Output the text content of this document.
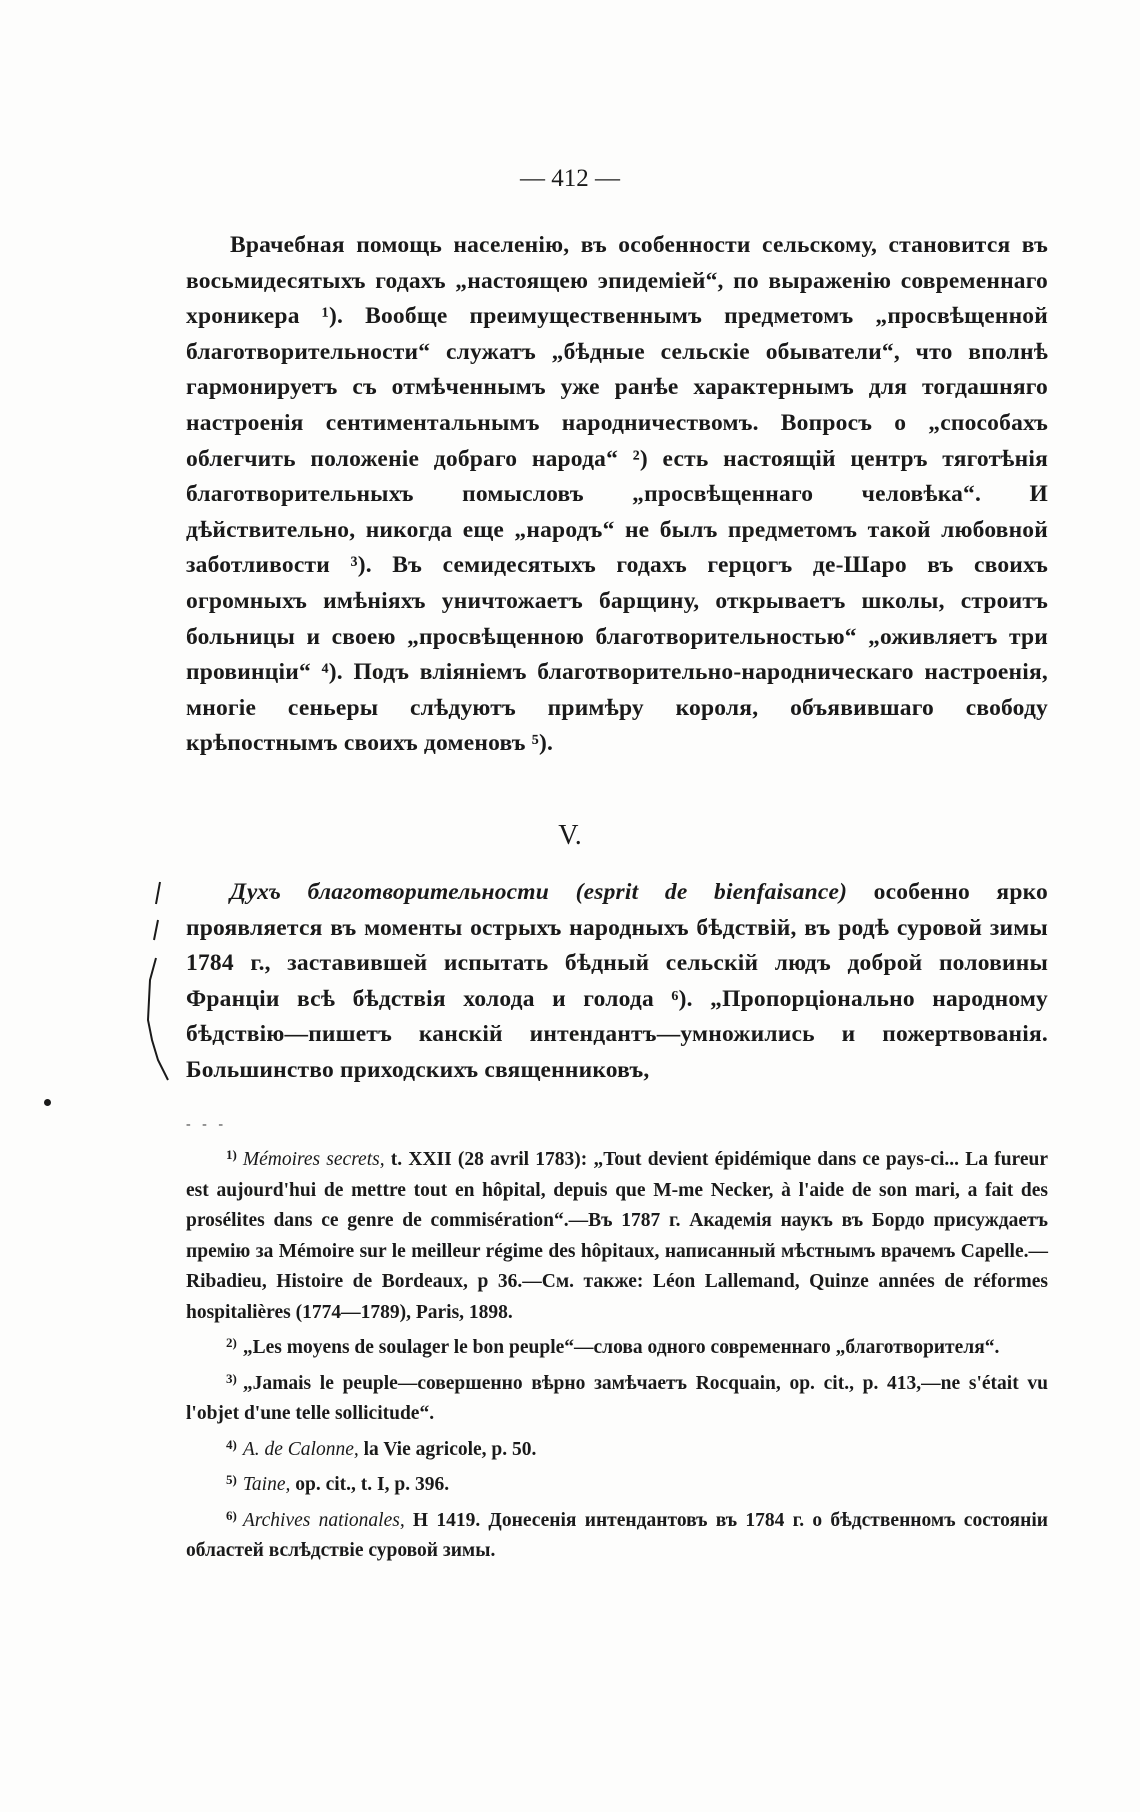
— 412 —
Врачебная помощь населенію, въ особенности сельскому, становится въ восьмидесятыхъ годахъ „настоящею эпидеміей“, по выраженію современнаго хроникера ¹). Вообще преимущественнымъ предметомъ „просвѣщенной благотворительности“ служатъ „бѣдные сельскіе обыватели“, что вполнѣ гармонируетъ съ отмѣченнымъ уже ранѣе характернымъ для тогдашняго настроенія сентиментальнымъ народничествомъ. Вопросъ о „способахъ облегчить положеніе добраго народа“ ²) есть настоящій центръ тяготѣнія благотворительныхъ помысловъ „просвѣщеннаго человѣка“. И дѣйствительно, никогда еще „народъ“ не былъ предметомъ такой любовной заботливости ³). Въ семидесятыхъ годахъ герцогъ де-Шаро въ своихъ огромныхъ имѣніяхъ уничтожаетъ барщину, открываетъ школы, строитъ больницы и своею „просвѣщенною благотворительностью“ „оживляетъ три провинціи“ ⁴). Подъ вліяніемъ благотворительно-народническаго настроенія, многіе сеньеры слѣдуютъ примѣру короля, объявившаго свободу крѣпостнымъ своихъ доменовъ ⁵).
V.
Духъ благотворительности (esprit de bienfaisance) особенно ярко проявляется въ моменты острыхъ народныхъ бѣдствій, въ родѣ суровой зимы 1784 г., заставившей испытать бѣдный сельскій людъ доброй половины Франціи всѣ бѣдствія холода и голода ⁶). „Пропорціонально народному бѣдствію—пишетъ канскій интендантъ—умножились и пожертвованія. Большинство приходскихъ священниковъ,
- - -
$^{1)}$ Mémoires secrets, t. XXII (28 avril 1783): „Tout devient épidémique dans ce pays-ci... La fureur est aujourd'hui de mettre tout en hôpital, depuis que M-me Necker, à l'aide de son mari, a fait des prosélites dans ce genre de commisération“.—Въ 1787 г. Академія наукъ въ Бордо присуждаетъ премію за Mémoire sur le meilleur régime des hôpitaux, написанный мѣстнымъ врачемъ Capelle.—Ribadieu, Histoire de Bordeaux, p 36.—См. также: Léon Lallemand, Quinze années de réformes hospitalières (1774—1789), Paris, 1898.
$^{2)}$ „Les moyens de soulager le bon peuple“—слова одного современнаго „благотворителя“.
$^{3)}$ „Jamais le peuple—совершенно вѣрно замѣчаетъ Rocquain, op. cit., p. 413,—ne s'était vu l'objet d'une telle sollicitude“.
$^{4)}$ A. de Calonne, la Vie agricole, p. 50.
$^{5)}$ Taine, op. cit., t. I, p. 396.
$^{6)}$ Archives nationales, H 1419. Донесенія интендантовъ въ 1784 г. о бѣдственномъ состояніи областей вслѣдствіе суровой зимы.
